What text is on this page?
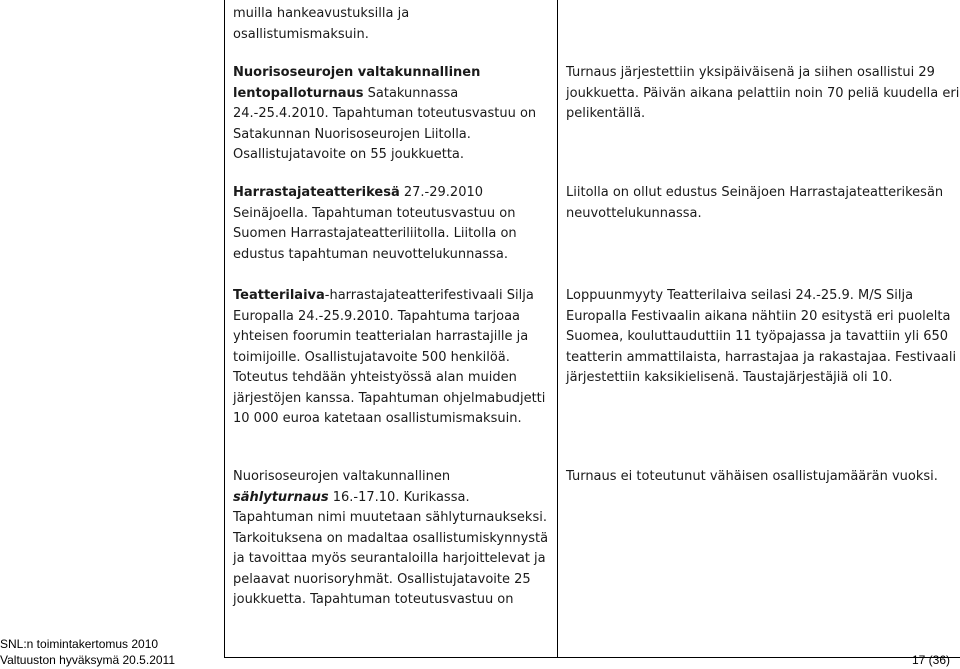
muilla hankeavustuksilla ja

osallistumismaksuin.

Nuorisoseurojen valtakunnallinen lentopalloturnaus Satakunnassa 24.-25.4.2010. Tapahtuman toteutusvastuu on Satakunnan Nuorisoseurojen Liitolla. Osallistujatavoite on 55 joukkuetta.

Harrastajateatterikesä 27.-29.2010 Seinäjoella. Tapahtuman toteutusvastuu on Suomen Harrastajateatteriliitolla. Liitolla on edustus tapahtuman neuvottelukunnassa.

Teatterilaiva-harrastajateatterifestivaali Silja Europalla 24.-25.9.2010. Tapahtuma tarjoaa yhteisen foorumin teatterialan harrastajille ja toimijoille. Osallistujatavoite 500 henkilöä. Toteutus tehdään yhteistyössä alan muiden järjestöjen kanssa. Tapahtuman ohjelmabudjetti 10 000 euroa katetaan osallistumismaksuin.

Nuorisoseurojen valtakunnallinen

sählyturnaus 16.-17.10. Kurikassa. Tapahtuman nimi muutetaan sählyturnaukseksi. Tarkoituksena on madaltaa osallistumiskynnystä ja tavoittaa myös seurantaloilla harjoittelevat ja pelaavat nuorisoryhmät. Osallistujatavoite 25 joukkuetta. Tapahtuman toteutusvastuu on

Turnaus järjestettiin yksipäiväisenä ja siihen osallistui 29 joukkuetta. Päivän aikana pelattiin noin 70 peliä kuudella eri pelikentällä.

Liitolla on ollut edustus Seinäjoen Harrastajateatterikesän neuvottelukunnassa.

Loppuunmyyty Teatterilaiva seilasi 24.-25.9. M/S Silja Europalla Festivaalin aikana nähtiin 20 esitystä eri puolelta Suomea, kouluttauduttiin 11 työpajassa ja tavattiin yli 650 teatterin ammattilaista, harrastajaa ja rakastajaa. Festivaali järjestettiin kaksikielisenä. Taustajärjestäjiä oli 10.

Turnaus ei toteutunut vähäisen osallistujamäärän vuoksi.

SNL:n toimintakertomus 2010
Valtuuston hyväksymä 20.5.2011	17 (36)
